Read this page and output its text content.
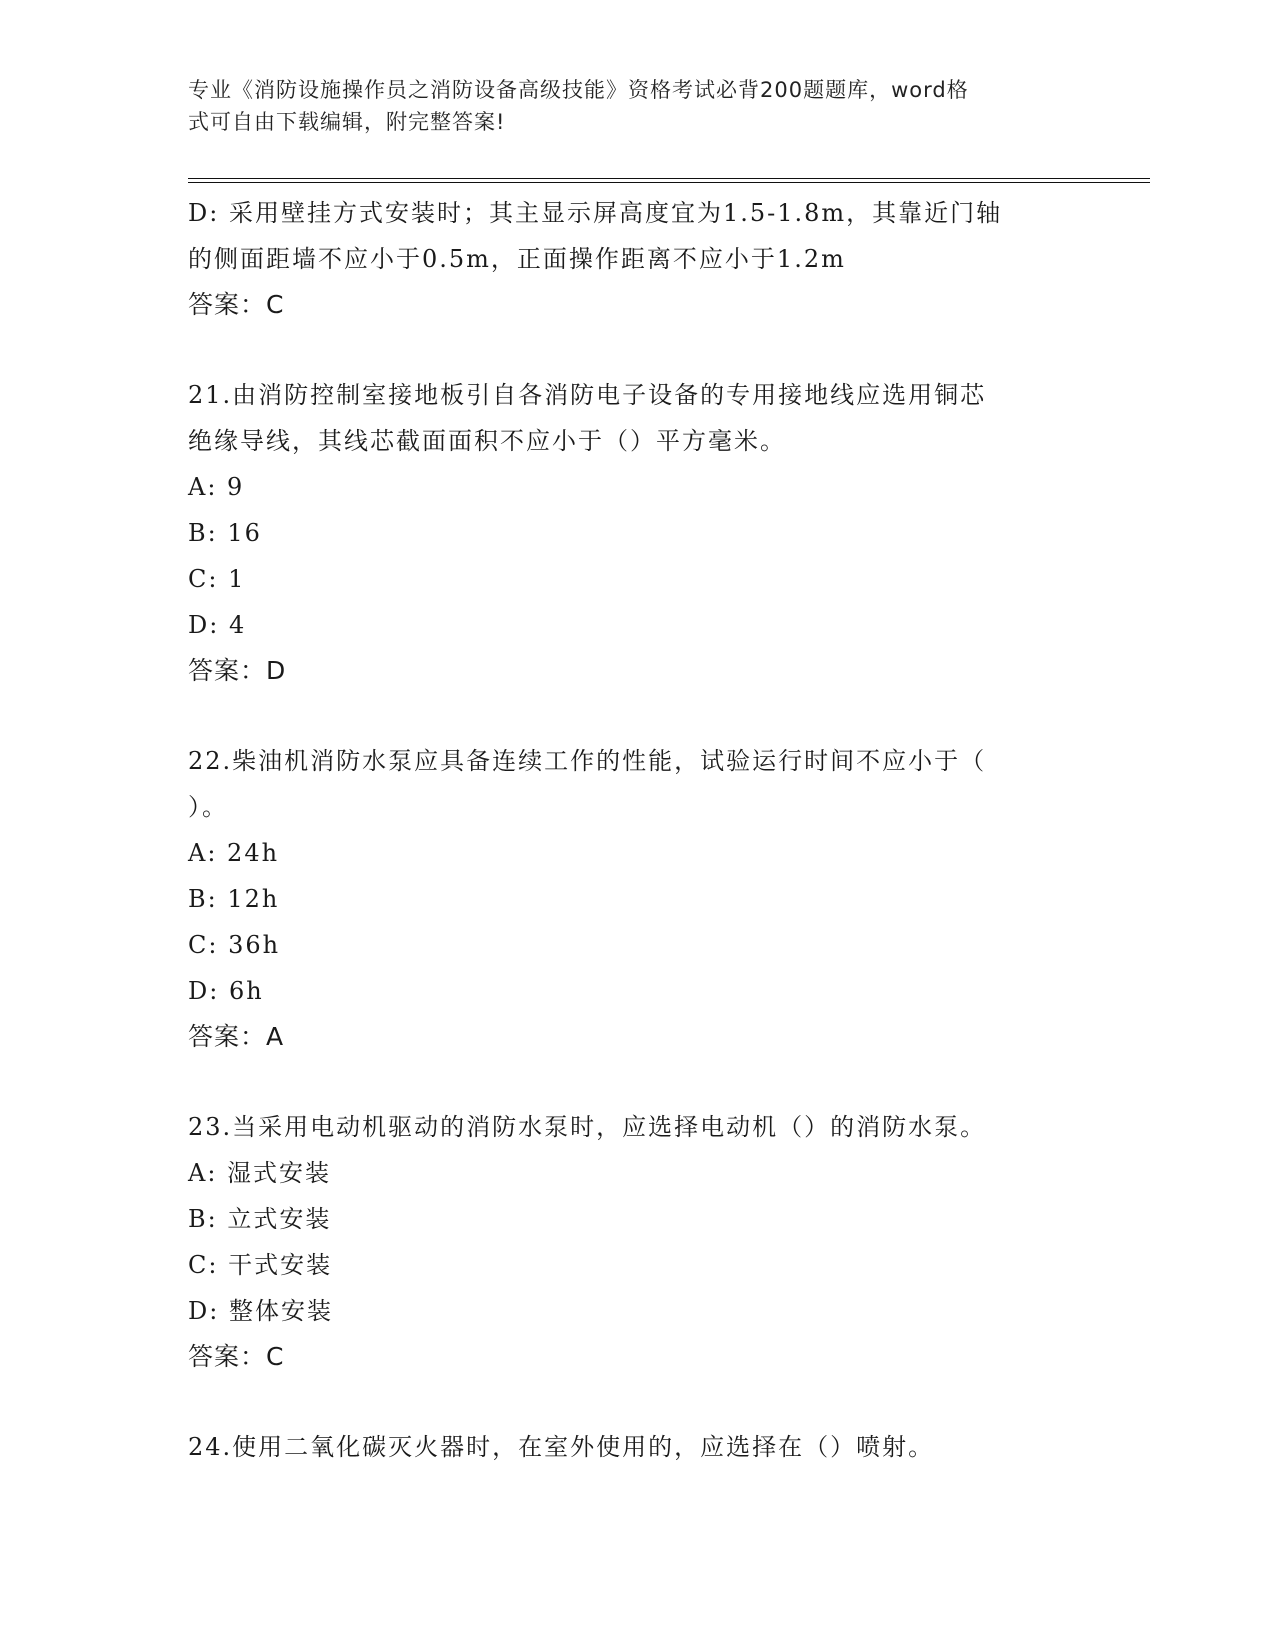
专业《消防设施操作员之消防设备高级技能》资格考试必背200题题库，word格
式可自由下载编辑，附完整答案!
D: 采用壁挂方式安装时；其主显示屏高度宜为1.5-1.8m，其靠近门轴
的侧面距墙不应小于0.5m，正面操作距离不应小于1.2m
答案：C
21.由消防控制室接地板引自各消防电子设备的专用接地线应选用铜芯
绝缘导线，其线芯截面面积不应小于（）平方毫米。
A: 9
B: 16
C: 1
D: 4
答案：D
22.柴油机消防水泵应具备连续工作的性能，试验运行时间不应小于（
）。
A: 24h
B: 12h
C: 36h
D: 6h
答案：A
23.当采用电动机驱动的消防水泵时，应选择电动机（）的消防水泵。
A: 湿式安装
B: 立式安装
C: 干式安装
D: 整体安装
答案：C
24.使用二氧化碳灭火器时，在室外使用的，应选择在（）喷射。
